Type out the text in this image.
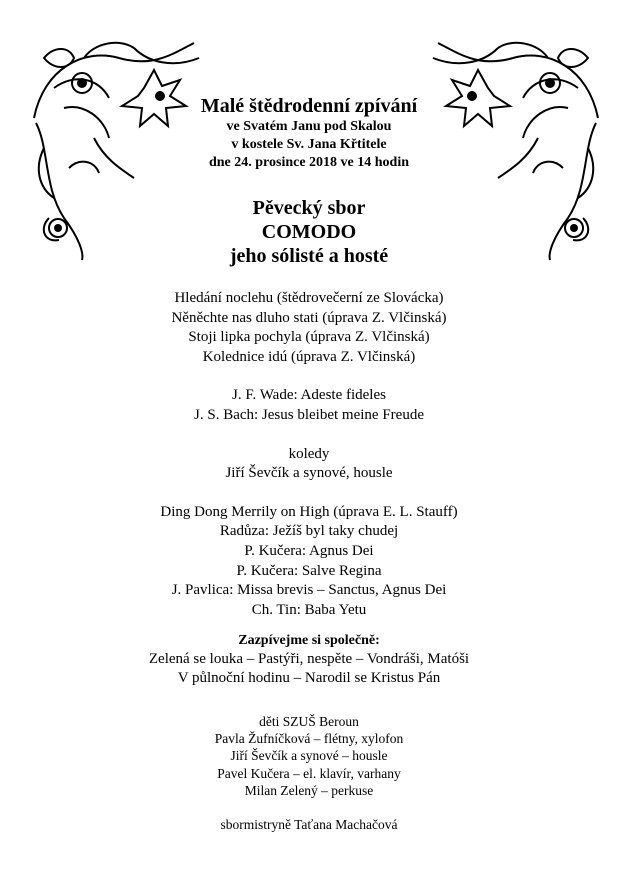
Malé štědrodenní zpívání
ve Svatém Janu pod Skalou
v kostele Sv. Jana Křtitele
dne 24. prosince 2018 ve 14 hodin
Pěvecký sbor
COMODO
jeho sólisté a hosté
Hledání noclehu (štědrovečerní ze Slovácka)
Něněchte nas dluho stati (úprava Z. Vlčinská)
Stoji lipka pochyla (úprava Z. Vlčinská)
Kolednice idú (úprava Z. Vlčinská)
J. F. Wade: Adeste fideles
J. S. Bach: Jesus bleibet meine Freude
koledy
Jiří Ševčík a synové, housle
Ding Dong Merrily on High (úprava E. L. Stauff)
Radůza: Ježíš byl taky chudej
P. Kučera: Agnus Dei
P. Kučera: Salve Regina
J. Pavlica: Missa brevis – Sanctus, Agnus Dei
Ch. Tin: Baba Yetu
Zazpívejme si společně:
Zelená se louka – Pastýři, nespěte – Vondráši, Matóši
V půlnoční hodinu – Narodil se Kristus Pán
děti SZUŠ Beroun
Pavla Žufníčková – flétny, xylofon
Jiří Ševčík a synové – housle
Pavel Kučera – el. klavír, varhany
Milan Zelený – perkuse
sbormistryně Taťana Machačová
